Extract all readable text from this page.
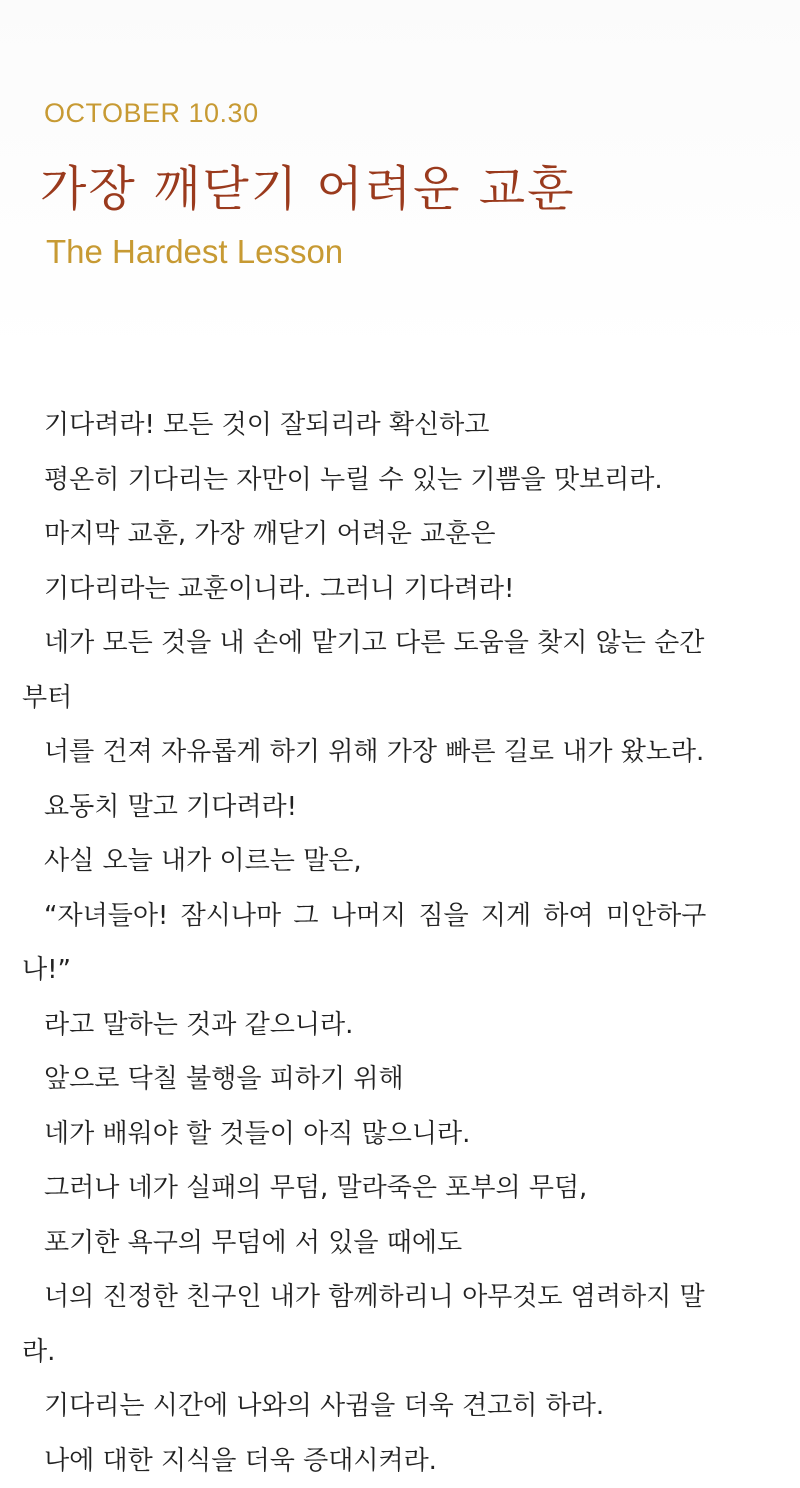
OCTOBER 10.30
가장 깨닫기 어려운 교훈
The Hardest Lesson
기다려라! 모든 것이 잘되리라 확신하고
평온히 기다리는 자만이 누릴 수 있는 기쁨을 맛보리라.
마지막 교훈, 가장 깨닫기 어려운 교훈은
기다리라는 교훈이니라. 그러니 기다려라!
네가 모든 것을 내 손에 맡기고 다른 도움을 찾지 않는 순간
부터
너를 건져 자유롭게 하기 위해 가장 빠른 길로 내가 왔노라.
요동치 말고 기다려라!
사실 오늘 내가 이르는 말은,
“자녀들아! 잠시나마 그 나머지 짐을 지게 하여 미안하구
나!”
라고 말하는 것과 같으니라.
앞으로 닥칠 불행을 피하기 위해
네가 배워야 할 것들이 아직 많으니라.
그러나 네가 실패의 무덤, 말라죽은 포부의 무덤,
포기한 욕구의 무덤에 서 있을 때에도
너의 진정한 친구인 내가 함께하리니 아무것도 염려하지 말
라.
기다리는 시간에 나와의 사귐을 더욱 견고히 하라.
나에 대한 지식을 더욱 증대시켜라.
